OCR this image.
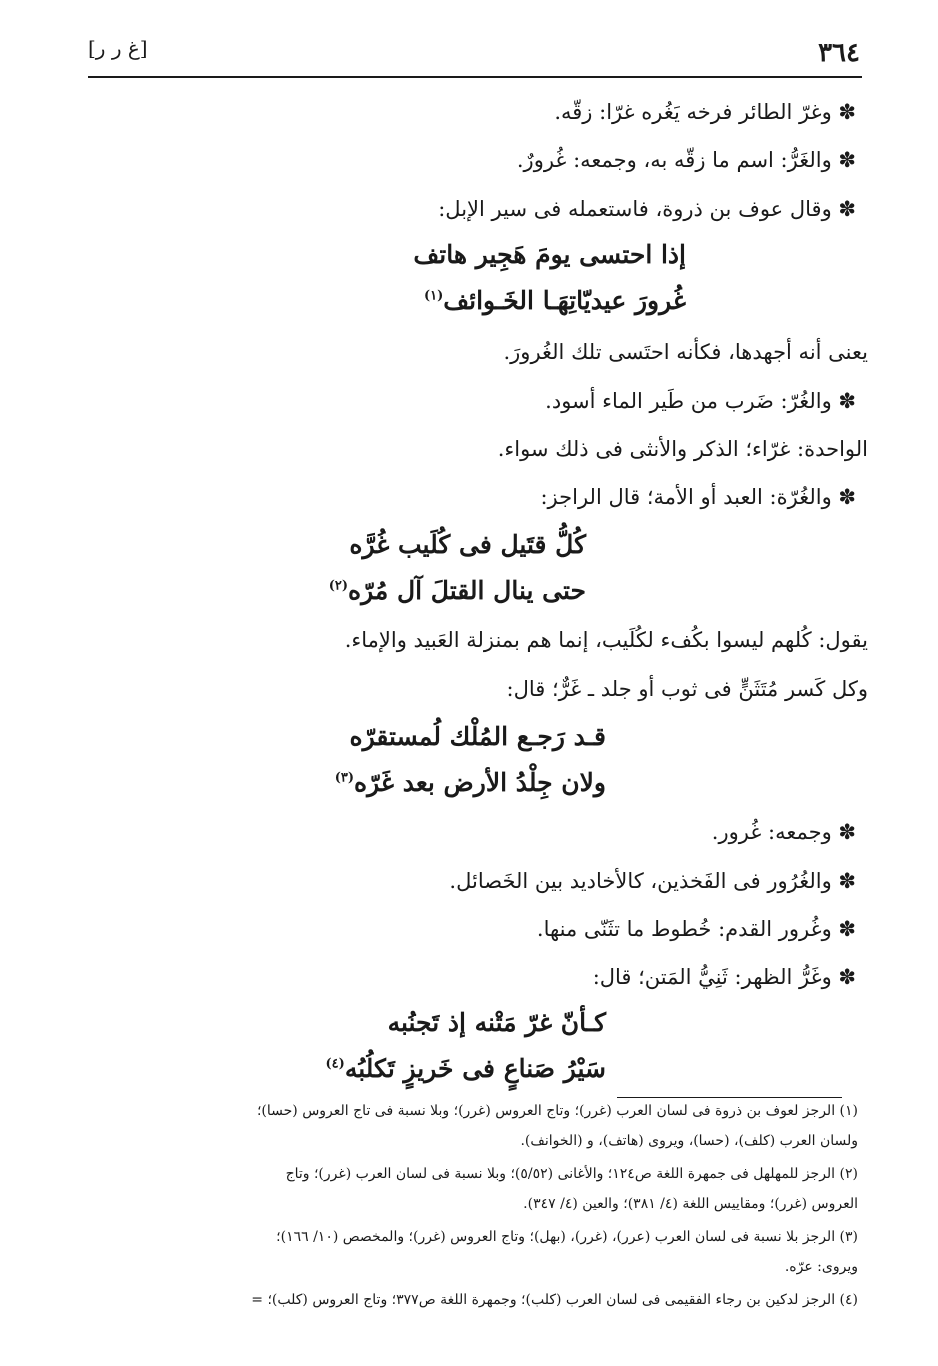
٣٦٤
[غ ر ر]
✽ وغرّ الطائر فرخه يَغُره غرّا: زقّه.
✽ والغَرُّ: اسم ما زقّه به، وجمعه: غُرورٌ.
✽ وقال عوف بن ذروة، فاستعمله فى سير الإبل:
إذا احتسى يومَ هَجِير هاتف
غُرورَ عيديّاتِهَـا الخَـوائف$^{(١)}$
يعنى أنه أجهدها، فكأنه احتَسى تلك الغُرورَ.
✽ والغُرّ: ضَرب من طَير الماء أسود.
الواحدة: غرّاء؛ الذكر والأنثى فى ذلك سواء.
✽ والغُرّة: العبد أو الأمة؛ قال الراجز:
كُلُّ قتَيل فى كُلَيب غُرَّه
حتى ينال القتلَ آل مُرّه$^{(٢)}$
يقول: كُلهم ليسوا بكُفء لكُلَيب، إنما هم بمنزلة العَبيد والإماء.
وكل كَسر مُتَثَنٍّ فى ثوب أو جلد ـ غَرٌّ؛ قال:
قـد رَجـع المُلْك لُمستقرّه
ولان جِلْدُ الأرض بعد غَرّه$^{(٣)}$
✽ وجمعه: غُرور.
✽ والغُرُور فى الفَخذين، كالأخاديد بين الخَصائل.
✽ وغُرور القدم: خُطوط ما تثَنّى منها.
✽ وغَرُّ الظهر: ثَنِيُّ المَتن؛ قال:
كـأنّ غرّ مَتْنه إذ تَجنُبه
سَيْرُ صَناعٍ فى خَريزٍ تَكلُبُه$^{(٤)}$
(١) الرجز لعوف بن ذروة فى لسان العرب (غرر)؛ وتاج العروس (غرر)؛ وبلا نسبة فى تاج العروس (حسا)؛
ولسان العرب (كلف)، (حسا)، ويروى (هاتف)، و (الخوانف).
(٢) الرجز للمهلهل فى جمهرة اللغة ص١٢٤؛ والأغانى (٥/٥٢)؛ وبلا نسبة فى لسان العرب (غرر)؛ وتاج
العروس (غرر)؛ ومقاييس اللغة (٤/ ٣٨١)؛ والعين (٤/ ٣٤٧).
(٣) الرجز بلا نسبة فى لسان العرب (عرر)، (غرر)، (بهل)؛ وتاج العروس (غرر)؛ والمخصص (١٠/ ١٦٦)؛
ويروى: عرّه.
(٤) الرجز لدكين بن رجاء الفقيمى فى لسان العرب (كلب)؛ وجمهرة اللغة ص٣٧٧؛ وتاج العروس (كلب)؛ =
